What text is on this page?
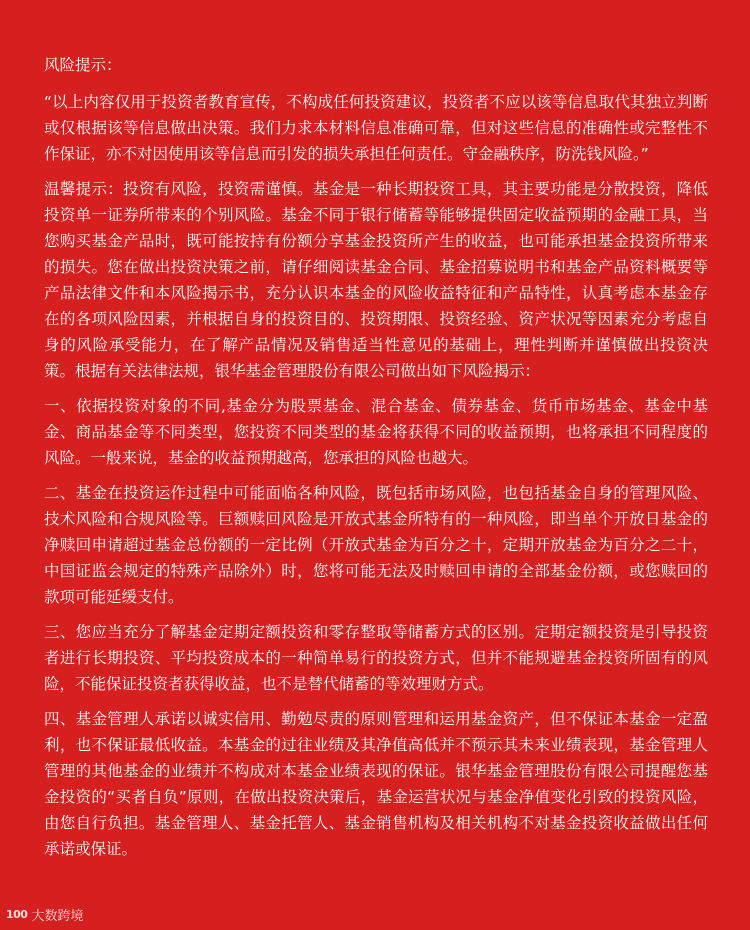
风险提示：

“以上内容仅用于投资者教育宣传，不构成任何投资建议，投资者不应以该等信息取代其独立判断或仅根据该等信息做出决策。我们力求本材料信息准确可靠，但对这些信息的准确性或完整性不作保证，亦不对因使用该等信息而引发的损失承担任何责任。守金融秩序，防洗钱风险。”

温馨提示：投资有风险，投资需谨慎。基金是一种长期投资工具，其主要功能是分散投资，降低投资单一证券所带来的个别风险。基金不同于银行储蓄等能够提供固定收益预期的金融工具，当您购买基金产品时，既可能按持有份额分享基金投资所产生的收益，也可能承担基金投资所带来的损失。您在做出投资决策之前，请仔细阅读基金合同、基金招募说明书和基金产品资料概要等产品法律文件和本风险揭示书，充分认识本基金的风险收益特征和产品特性，认真考虑本基金存在的各项风险因素，并根据自身的投资目的、投资期限、投资经验、资产状况等因素充分考虑自身的风险承受能力，在了解产品情况及销售适当性意见的基础上，理性判断并谨慎做出投资决策。根据有关法律法规，银华基金管理股份有限公司做出如下风险揭示：

一、依据投资对象的不同,基金分为股票基金、混合基金、债券基金、货币市场基金、基金中基金、商品基金等不同类型，您投资不同类型的基金将获得不同的收益预期，也将承担不同程度的风险。一般来说，基金的收益预期越高，您承担的风险也越大。

二、基金在投资运作过程中可能面临各种风险，既包括市场风险，也包括基金自身的管理风险、技术风险和合规风险等。巨额赎回风险是开放式基金所特有的一种风险，即当单个开放日基金的净赎回申请超过基金总份额的一定比例（开放式基金为百分之十，定期开放基金为百分之二十，中国证监会规定的特殊产品除外）时，您将可能无法及时赎回申请的全部基金份额，或您赎回的款项可能延缓支付。

三、您应当充分了解基金定期定额投资和零存整取等储蓄方式的区别。定期定额投资是引导投资者进行长期投资、平均投资成本的一种简单易行的投资方式，但并不能规避基金投资所固有的风险，不能保证投资者获得收益，也不是替代储蓄的等效理财方式。

四、基金管理人承诺以诚实信用、勤勉尽责的原则管理和运用基金资产，但不保证本基金一定盈利，也不保证最低收益。本基金的过往业绩及其净值高低并不预示其未来业绩表现，基金管理人管理的其他基金的业绩并不构成对本基金业绩表现的保证。银华基金管理股份有限公司提醒您基金投资的“买者自负”原则，在做出投资决策后，基金运营状况与基金净值变化引致的投资风险，由您自行负担。基金管理人、基金托管人、基金销售机构及相关机构不对基金投资收益做出任何承诺或保证。

100 大数跨境
